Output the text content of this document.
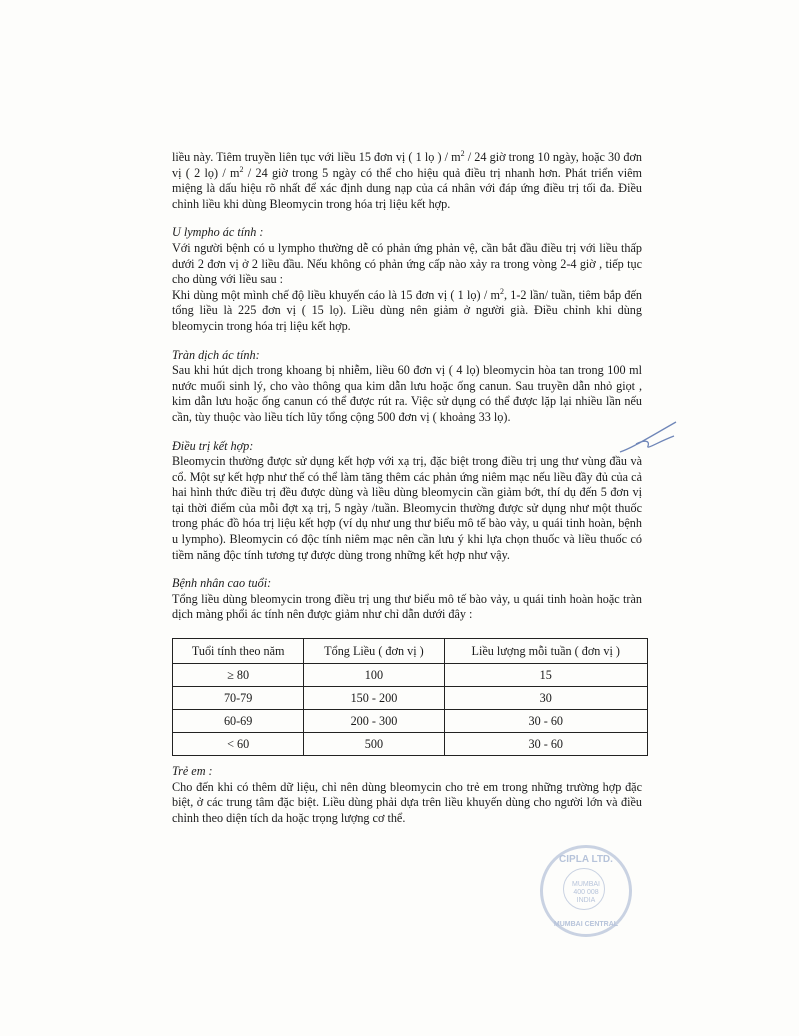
liều này. Tiêm truyền liên tục với liều 15 đơn vị ( 1 lọ ) / $m^2 / 24$ giờ trong 10 ngày, hoặc 30 đơn vị ( 2 lọ) / $m^2 / 24$ giờ trong 5 ngày có thể cho hiệu quả điều trị nhanh hơn. Phát triển viêm miệng là dấu hiệu rõ nhất để xác định dung nạp của cá nhân với đáp ứng điều trị tối đa. Điều chỉnh liều khi dùng Bleomycin trong hóa trị liệu kết hợp.

U lympho ác tính :

Với người bệnh có u lympho thường dễ có phản ứng phản vệ, cần bắt đầu điều trị với liều thấp dưới 2 đơn vị ở 2 liều đầu. Nếu không có phản ứng cấp nào xảy ra trong vòng 2-4 giờ , tiếp tục cho dùng với liều sau :

Khi dùng một mình chế độ liều khuyến cáo là 15 đơn vị ( 1 lọ) / $m^2$, 1-2 lần/ tuần, tiêm bắp đến tổng liều là 225 đơn vị ( 15 lọ). Liều dùng nên giảm ở người già. Điều chỉnh khi dùng bleomycin trong hóa trị liệu kết hợp.

Tràn dịch ác tính:

Sau khi hút dịch trong khoang bị nhiễm, liều 60 đơn vị ( 4 lọ) bleomycin hòa tan trong 100 ml nước muối sinh lý, cho vào thông qua kim dẫn lưu hoặc ống canun. Sau truyền dẫn nhỏ giọt , kim dẫn lưu hoặc ống canun có thể được rút ra. Việc sử dụng có thể được lặp lại nhiều lần nếu cần, tùy thuộc vào liều tích lũy tổng cộng 500 đơn vị ( khoảng 33 lọ).

Điều trị kết hợp:

Bleomycin thường được sử dụng kết hợp với xạ trị, đặc biệt trong điều trị ung thư vùng đầu và cổ. Một sự kết hợp như thế có thể làm tăng thêm các phản ứng niêm mạc nếu liều đầy đủ của cả hai hình thức điều trị đều được dùng và liều dùng bleomycin cần giảm bớt, thí dụ đến 5 đơn vị tại thời điểm của mỗi đợt xạ trị, 5 ngày /tuần. Bleomycin thường được sử dụng như một thuốc trong phác đồ hóa trị liệu kết hợp (ví dụ như ung thư biểu mô tế bào vảy, u quái tinh hoàn, bệnh u lympho). Bleomycin có độc tính niêm mạc nên cần lưu ý khi lựa chọn thuốc và liều thuốc có tiềm năng độc tính tương tự được dùng trong những kết hợp như vậy.

Bệnh nhân cao tuổi:

Tổng liều dùng bleomycin trong điều trị ung thư biểu mô tế bào vảy, u quái tinh hoàn hoặc tràn dịch màng phổi ác tính nên được giảm như chỉ dẫn dưới đây :

Tuổi tính theo năm	Tổng Liều ( đơn vị )	Liều lượng mỗi tuần ( đơn vị )
≥ 80	100	15
70-79	150 - 200	30
60-69	200 - 300	30 - 60
< 60	500	30 - 60

Trẻ em :

Cho đến khi có thêm dữ liệu, chỉ nên dùng bleomycin cho trẻ em trong những trường hợp đặc biệt, ở các trung tâm đặc biệt. Liều dùng phải dựa trên liều khuyến dùng cho người lớn và điều chỉnh theo diện tích da hoặc trọng lượng cơ thể.

CIPLA LTD.
MUMBAI
400 008
INDIA
MUMBAI CENTRAL
